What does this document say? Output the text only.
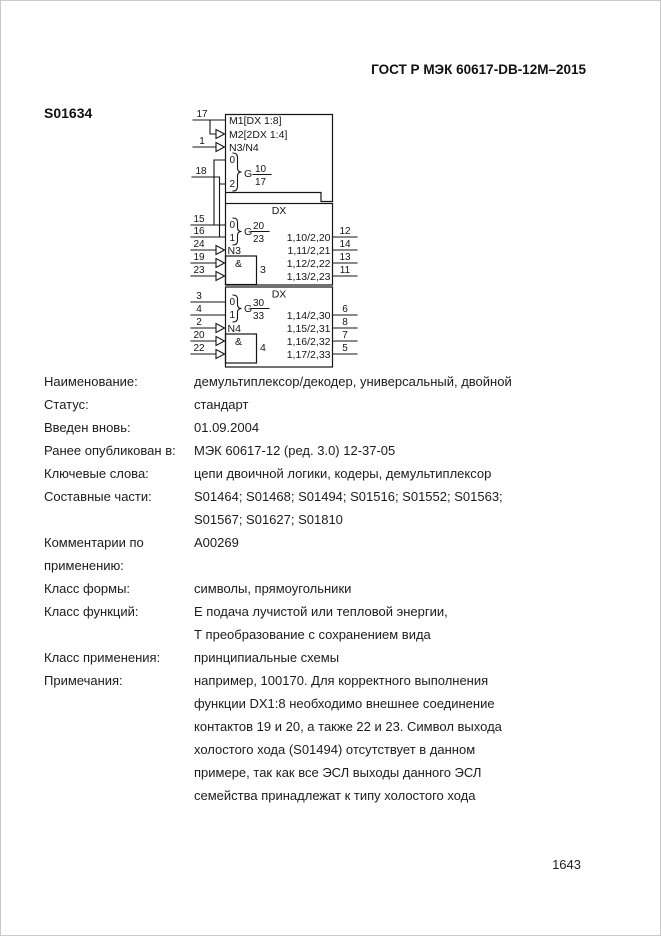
ГОСТ Р МЭК 60617-DB-12M–2015
S01634	M1[DX 1:8]
M2[2DX 1:4]
N3/N4
0
2
G 10
17
17
1
18
DX
0
1
G 20
23
N3
& 3
15
16
24
19
23
1,10/2,20
1,11/2,21
1,12/2,22
1,13/2,23
12
14
13
11
DX
0
1
G 30
33
N4
& 4
3
4
2
20
22
1,14/2,30
1,15/2,31
1,16/2,32
1,17/2,33
6
8
7
5
Наименование:	демультиплексор/декодер, универсальный, двойной
Статус:	стандарт
Введен вновь:	01.09.2004
Ранее опубликован в:	МЭК 60617-12 (ред. 3.0) 12-37-05
Ключевые слова:	цепи двоичной логики, кодеры, демультиплексор
Составные части:	S01464; S01468; S01494; S01516; S01552; S01563;
S01567; S01627; S01810
Комментарии по
применению:
A00269
Класс формы:	символы, прямоугольники
Класс функций:	Е подача лучистой или тепловой энергии,
Т преобразование с сохранением вида
Класс применения:	принципиальные схемы
Примечания:	например, 100170. Для корректного выполнения
функции DX1:8 необходимо внешнее соединение
контактов 19 и 20, а также 22 и 23. Символ выхода
холостого хода (S01494) отсутствует в данном
примере, так как все ЭСЛ выходы данного ЭСЛ
семейства принадлежат к типу холостого хода
1643
